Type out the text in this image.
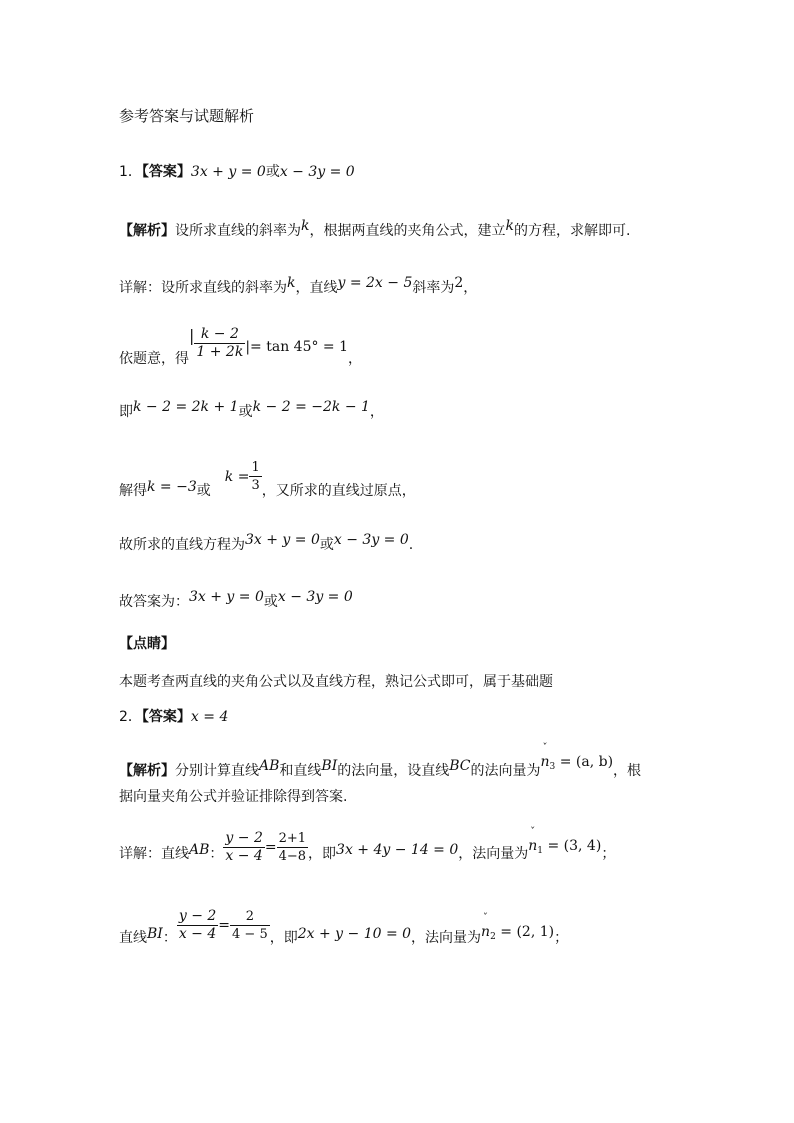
参考答案与试题解析
1．【答案】3x + y = 0或x − 3y = 0
【解析】设所求直线的斜率为k，根据两直线的夹角公式，建立k的方程，求解即可.
详解：设所求直线的斜率为k，直线y = 2x − 5斜率为2，
依题意，得| $\frac{k - 2}{1 + 2k}$ |= tan 45° = 1，
即k − 2 = 2k + 1或k − 2 = −2k − 1，
解得k = −3或$k = \frac{1}{3}$ ，又所求的直线过原点，
故所求的直线方程为3x + y = 0或x − 3y = 0.
故答案为：3x + y = 0或x − 3y = 0
【点睛】
本题考查两直线的夹角公式以及直线方程，熟记公式即可，属于基础题
2．【答案】x = 4
【解析】分别计算直线AB和直线BI的法向量，设直线BC的法向量为ˇ $n_3 = (a$, b)，根
据向量夹角公式并验证排除得到答案.
详解：直线AB： $\frac{y - 2}{x - 4} = \frac{2+1}{4-8}$ ，即3x + 4y − 14 = 0，法向量为ˇ $n_1 = (3$, 4)；
直线BI： $\frac{y - 2}{x - 4} = \frac{2}{4 - 5}$ ，即2x + y − 10 = 0，法向量为ˇ $n_2 = (2$, 1)；
